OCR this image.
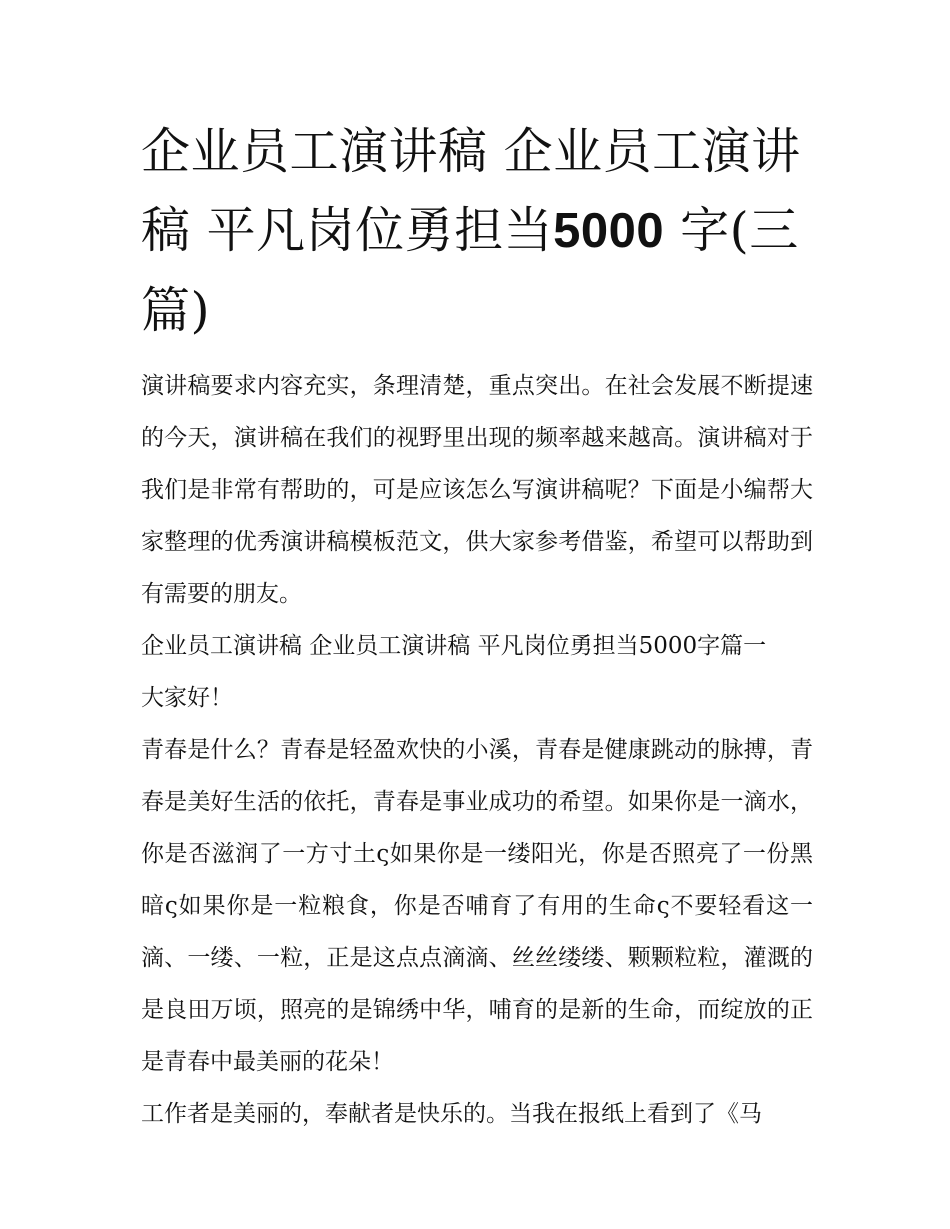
企业员工演讲稿 企业员工演讲稿 平凡岗位勇担当5000 字(三篇)

演讲稿要求内容充实，条理清楚，重点突出。在社会发展不断提速的今天，演讲稿在我们的视野里出现的频率越来越高。演讲稿对于我们是非常有帮助的，可是应该怎么写演讲稿呢？下面是小编帮大家整理的优秀演讲稿模板范文，供大家参考借鉴，希望可以帮助到有需要的朋友。

企业员工演讲稿 企业员工演讲稿 平凡岗位勇担当5000字篇一

大家好！

青春是什么？青春是轻盈欢快的小溪，青春是健康跳动的脉搏，青春是美好生活的依托，青春是事业成功的希望。如果你是一滴水，你是否滋润了一方寸土ς如果你是一缕阳光，你是否照亮了一份黑暗ς如果你是一粒粮食，你是否哺育了有用的生命ς不要轻看这一滴、一缕、一粒，正是这点点滴滴、丝丝缕缕、颗颗粒粒，灌溉的是良田万顷，照亮的是锦绣中华，哺育的是新的生命，而绽放的正是青春中最美丽的花朵！

工作者是美丽的，奉献者是快乐的。当我在报纸上看到了《马
